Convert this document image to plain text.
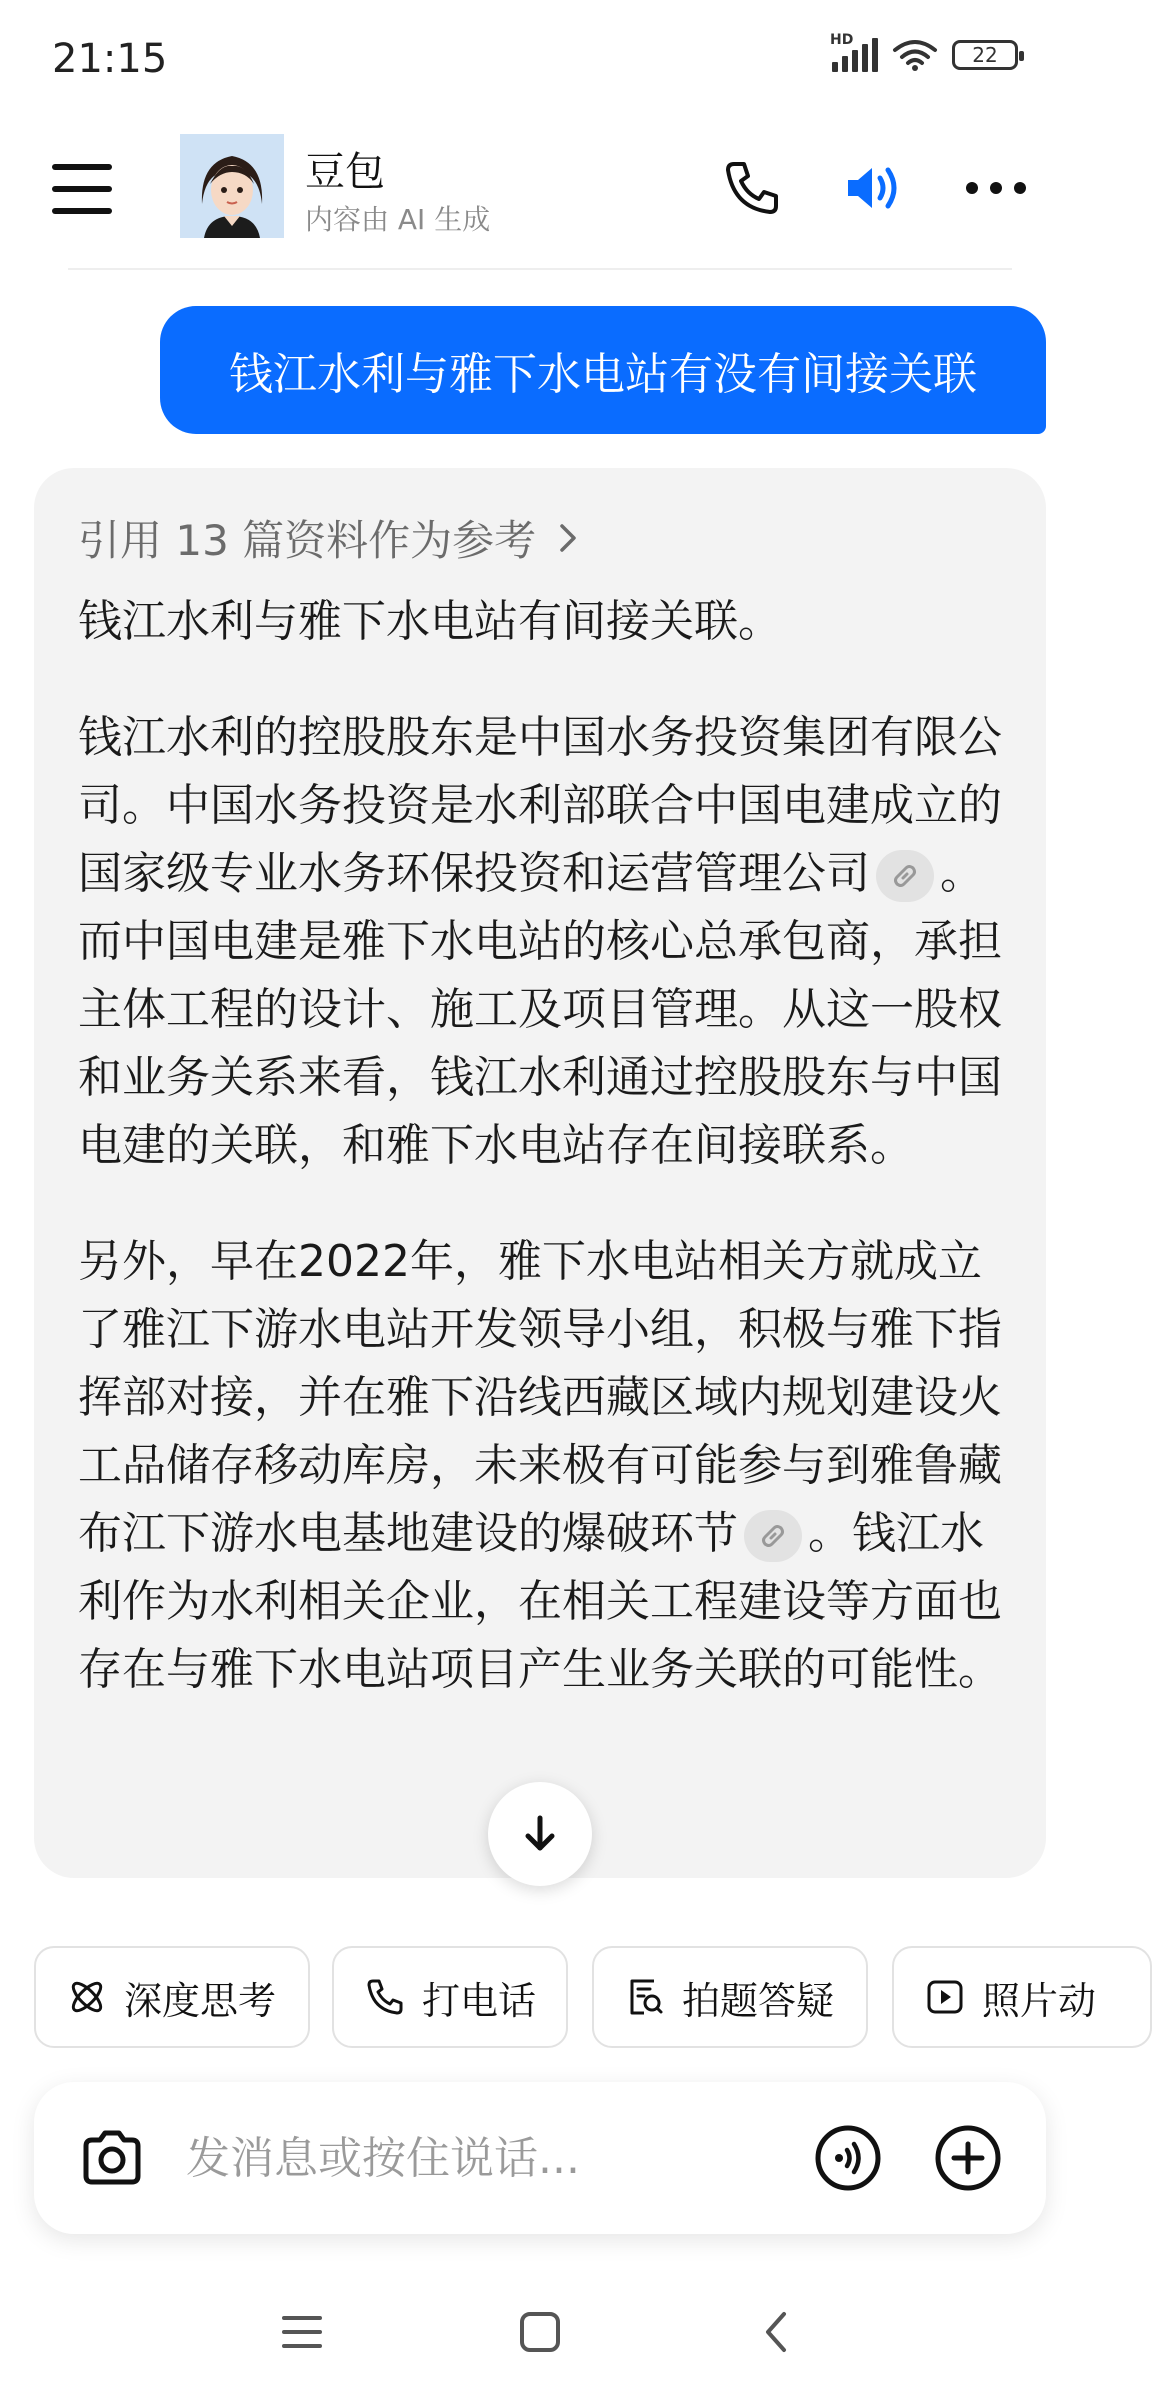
21:15	HD
22
豆包
内容由 AI 生成
钱江水利与雅下水电站有没有间接关联
引用 13 篇资料作为参考

钱江水利与雅下水电站有间接关联。

钱江水利的控股股东是中国水务投资集团有限公司。中国水务投资是水利部联合中国电建成立的国家级专业水务环保投资和运营管理公司 。而中国电建是雅下水电站的核心总承包商，承担主体工程的设计、施工及项目管理。从这一股权和业务关系来看，钱江水利通过控股股东与中国电建的关联，和雅下水电站存在间接联系。

另外，早在2022年，雅下水电站相关方就成立了雅江下游水电站开发领导小组，积极与雅下指挥部对接，并在雅下沿线西藏区域内规划建设火工品储存移动库房，未来极有可能参与到雅鲁藏布江下游水电基地建设的爆破环节 。钱江水利作为水利相关企业，在相关工程建设等方面也存在与雅下水电站项目产生业务关联的可能性。

深度思考	打电话	拍题答疑	照片动
发消息或按住说话...
